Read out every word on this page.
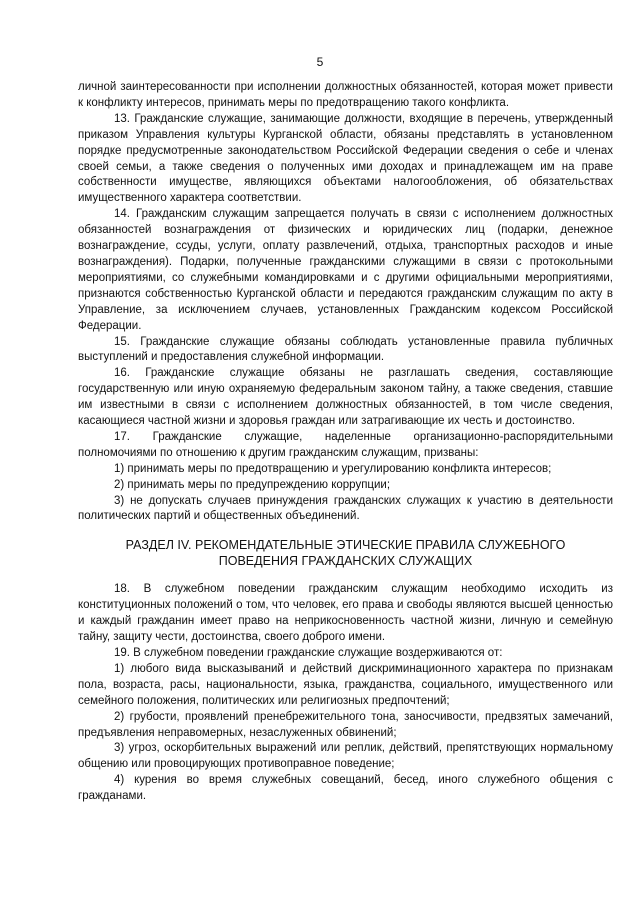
5

личной заинтересованности при исполнении должностных обязанностей, которая может привести к конфликту интересов, принимать меры по предотвращению такого конфликта.

13. Гражданские служащие, занимающие должности, входящие в перечень, утвержденный приказом Управления культуры Курганской области, обязаны представлять в установленном порядке предусмотренные законодательством Российской Федерации сведения о себе и членах своей семьи, а также сведения о полученных ими доходах и принадлежащем им на праве собственности имуществе, являющихся объектами налогообложения, об обязательствах имущественного характера соответствии.

14. Гражданским служащим запрещается получать в связи с исполнением должностных обязанностей вознаграждения от физических и юридических лиц (подарки, денежное вознаграждение, ссуды, услуги, оплату развлечений, отдыха, транспортных расходов и иные вознаграждения). Подарки, полученные гражданскими служащими в связи с протокольными мероприятиями, со служебными командировками и с другими официальными мероприятиями, признаются собственностью Курганской области и передаются гражданским служащим по акту в Управление, за исключением случаев, установленных Гражданским кодексом Российской Федерации.

15. Гражданские служащие обязаны соблюдать установленные правила публичных выступлений и предоставления служебной информации.

16. Гражданские служащие обязаны не разглашать сведения, составляющие государственную или иную охраняемую федеральным законом тайну, а также сведения, ставшие им известными в связи с исполнением должностных обязанностей, в том числе сведения, касающиеся частной жизни и здоровья граждан или затрагивающие их честь и достоинство.

17. Гражданские служащие, наделенные организационно-распорядительными полномочиями по отношению к другим гражданским служащим, призваны:

1) принимать меры по предотвращению и урегулированию конфликта интересов;

2) принимать меры по предупреждению коррупции;

3) не допускать случаев принуждения гражданских служащих к участию в деятельности политических партий и общественных объединений.

РАЗДЕЛ IV. РЕКОМЕНДАТЕЛЬНЫЕ ЭТИЧЕСКИЕ ПРАВИЛА СЛУЖЕБНОГО ПОВЕДЕНИЯ ГРАЖДАНСКИХ СЛУЖАЩИХ

18. В служебном поведении гражданским служащим необходимо исходить из конституционных положений о том, что человек, его права и свободы являются высшей ценностью и каждый гражданин имеет право на неприкосновенность частной жизни, личную и семейную тайну, защиту чести, достоинства, своего доброго имени.

19. В служебном поведении гражданские служащие воздерживаются от:

1) любого вида высказываний и действий дискриминационного характера по признакам пола, возраста, расы, национальности, языка, гражданства, социального, имущественного или семейного положения, политических или религиозных предпочтений;

2) грубости, проявлений пренебрежительного тона, заносчивости, предвзятых замечаний, предъявления неправомерных, незаслуженных обвинений;

3) угроз, оскорбительных выражений или реплик, действий, препятствующих нормальному общению или провоцирующих противоправное поведение;

4) курения во время служебных совещаний, бесед, иного служебного общения с гражданами.
